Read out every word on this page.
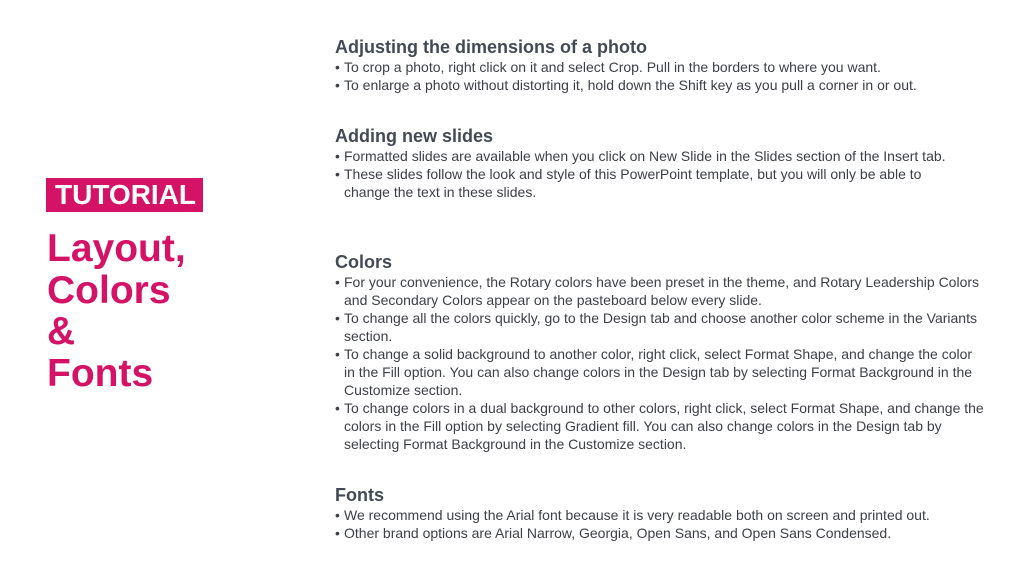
TUTORIAL
Layout,
Colors
&
Fonts
Adjusting the dimensions of a photo
• To crop a photo, right click on it and select Crop. Pull in the borders to where you want.
• To enlarge a photo without distorting it, hold down the Shift key as you pull a corner in or out.
Adding new slides
• Formatted slides are available when you click on New Slide in the Slides section of the Insert tab.
• These slides follow the look and style of this PowerPoint template, but you will only be able to change the text in these slides.
Colors
• For your convenience, the Rotary colors have been preset in the theme, and Rotary Leadership Colors and Secondary Colors appear on the pasteboard below every slide.
• To change all the colors quickly, go to the Design tab and choose another color scheme in the Variants section.
• To change a solid background to another color, right click, select Format Shape, and change the color in the Fill option. You can also change colors in the Design tab by selecting Format Background in the Customize section.
• To change colors in a dual background to other colors, right click, select Format Shape, and change the colors in the Fill option by selecting Gradient fill. You can also change colors in the Design tab by selecting Format Background in the Customize section.
Fonts
• We recommend using the Arial font because it is very readable both on screen and printed out.
• Other brand options are Arial Narrow, Georgia, Open Sans, and Open Sans Condensed.
